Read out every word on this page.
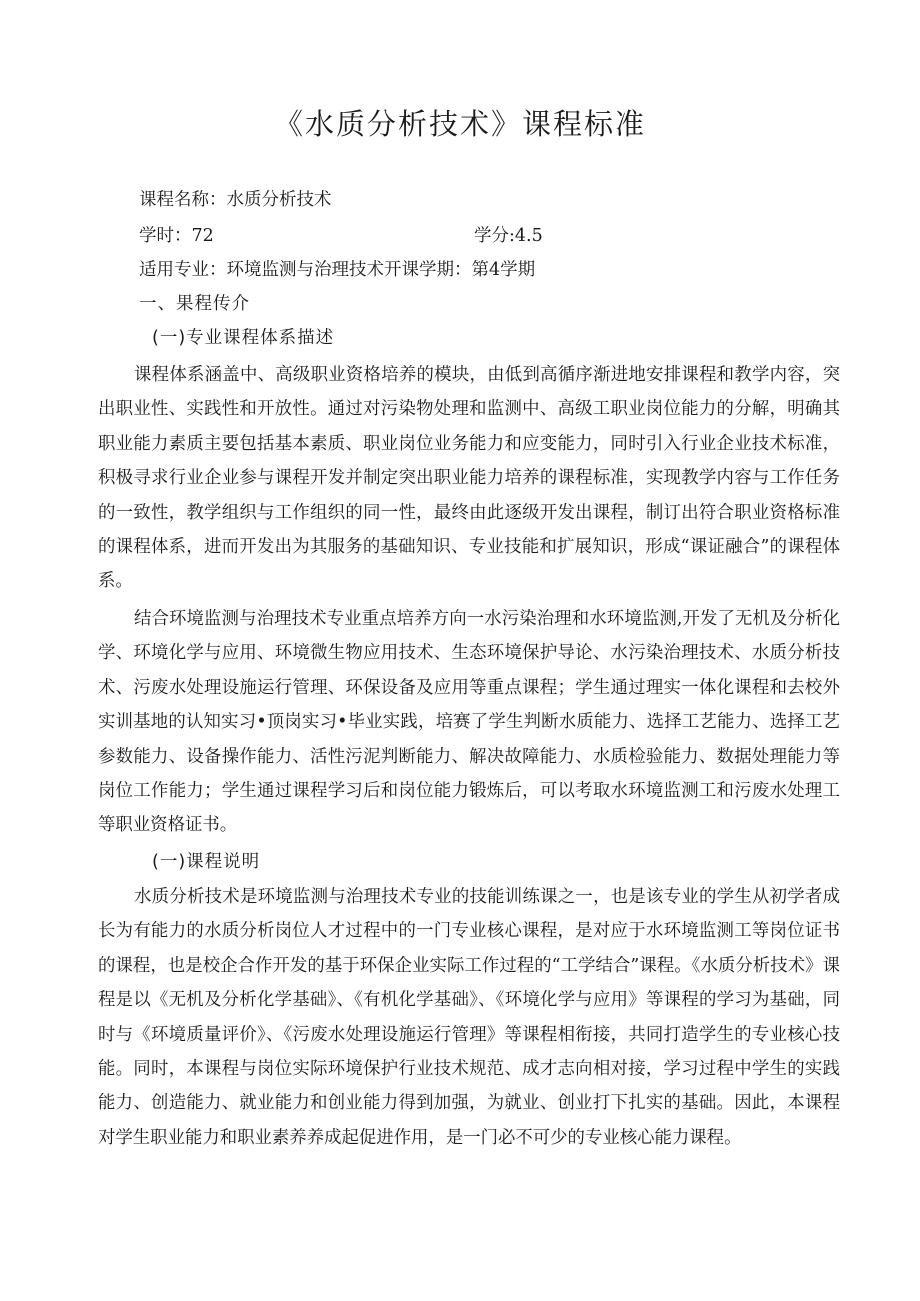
《水质分析技术》课程标准
课程名称：水质分析技术
学时：72	学分:4.5
适用专业：环境监测与治理技术开课学期：第4学期
一、果程传介
(一)专业课程体系描述

课程体系涵盖中、高级职业资格培养的模块，由低到高循序渐进地安排课程和教学内容，突出职业性、实践性和开放性。通过对污染物处理和监测中、高级工职业岗位能力的分解，明确其职业能力素质主要包括基本素质、职业岗位业务能力和应变能力，同时引入行业企业技术标准，积极寻求行业企业参与课程开发并制定突出职业能力培养的课程标准，实现教学内容与工作任务的一致性，教学组织与工作组织的同一性，最终由此逐级开发出课程，制订出符合职业资格标准的课程体系，进而开发出为其服务的基础知识、专业技能和扩展知识，形成“课证融合”的课程体系。

结合环境监测与治理技术专业重点培养方向一水污染治理和水环境监测,开发了无机及分析化学、环境化学与应用、环境微生物应用技术、生态环境保护导论、水污染治理技术、水质分析技术、污废水处理设施运行管理、环保设备及应用等重点课程；学生通过理实一体化课程和去校外实训基地的认知实习•顶岗实习•毕业实践，培赛了学生判断水质能力、选择工艺能力、选择工艺参数能力、设备操作能力、活性污泥判断能力、解决故障能力、水质检验能力、数据处理能力等岗位工作能力；学生通过课程学习后和岗位能力锻炼后，可以考取水环境监测工和污废水处理工等职业资格证书。

(一)课程说明

水质分析技术是环境监测与治理技术专业的技能训练课之一，也是该专业的学生从初学者成长为有能力的水质分析岗位人才过程中的一门专业核心课程，是对应于水环境监测工等岗位证书的课程，也是校企合作开发的基于环保企业实际工作过程的“工学结合”课程。《水质分析技术》课程是以《无机及分析化学基础》、《有机化学基础》、《环境化学与应用》等课程的学习为基础，同时与《环境质量评价》、《污废水处理设施运行管理》等课程相衔接，共同打造学生的专业核心技能。同时，本课程与岗位实际环境保护行业技术规范、成才志向相对接，学习过程中学生的实践能力、创造能力、就业能力和创业能力得到加强，为就业、创业打下扎实的基础。因此，本课程对学生职业能力和职业素养养成起促进作用，是一门必不可少的专业核心能力课程。
